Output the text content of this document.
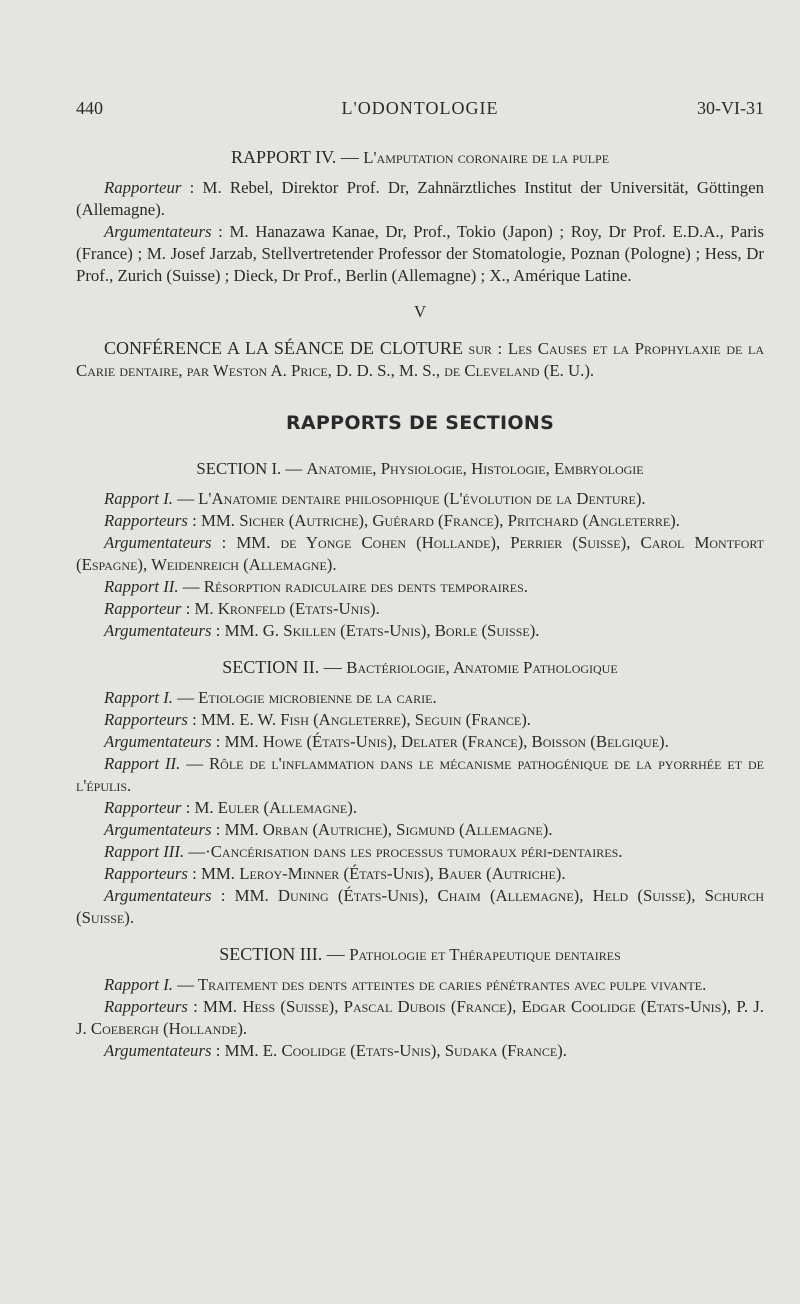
440	L'ODONTOLOGIE	30-VI-31

RAPPORT IV. — L'amputation coronaire de la pulpe

Rapporteur : M. Rebel, Direktor Prof. Dr, Zahnärztliches Institut der Universität, Göttingen (Allemagne).

Argumentateurs : M. Hanazawa Kanae, Dr, Prof., Tokio (Japon) ; Roy, Dr Prof. E.D.A., Paris (France) ; M. Josef Jarzab, Stellvertretender Professor der Stomatologie, Poznan (Pologne) ; Hess, Dr Prof., Zurich (Suisse) ; Dieck, Dr Prof., Berlin (Allemagne) ; X., Amérique Latine.

V

CONFÉRENCE A LA SÉANCE DE CLOTURE sur : Les Causes et la Prophylaxie de la Carie dentaire, par Weston A. Price, D. D. S., M. S., de Cleveland (E. U.).

RAPPORTS DE SECTIONS

SECTION I. — Anatomie, Physiologie, Histologie, Embryologie

Rapport I. — L'Anatomie dentaire philosophique (L'évolution de la Denture).

Rapporteurs : MM. Sicher (Autriche), Guérard (France), Pritchard (Angleterre).

Argumentateurs : MM. de Yonge Cohen (Hollande), Perrier (Suisse), Carol Montfort (Espagne), Weidenreich (Allemagne).

Rapport II. — Résorption radiculaire des dents temporaires.

Rapporteur : M. Kronfeld (Etats-Unis).

Argumentateurs : MM. G. Skillen (Etats-Unis), Borle (Suisse).

SECTION II. — Bactériologie, Anatomie Pathologique

Rapport I. — Etiologie microbienne de la carie.

Rapporteurs : MM. E. W. Fish (Angleterre), Seguin (France).

Argumentateurs : MM. Howe (États-Unis), Delater (France), Boisson (Belgique).

Rapport II. — Rôle de l'inflammation dans le mécanisme pathogénique de la pyorrhée et de l'épulis.

Rapporteur : M. Euler (Allemagne).

Argumentateurs : MM. Orban (Autriche), Sigmund (Allemagne).

Rapport III. —·Cancérisation dans les processus tumoraux péri-dentaires.

Rapporteurs : MM. Leroy-Minner (États-Unis), Bauer (Autriche).

Argumentateurs : MM. Duning (États-Unis), Chaim (Allemagne), Held (Suisse), Schurch (Suisse).

SECTION III. — Pathologie et Thérapeutique dentaires

Rapport I. — Traitement des dents atteintes de caries pénétrantes avec pulpe vivante.

Rapporteurs : MM. Hess (Suisse), Pascal Dubois (France), Edgar Coolidge (Etats-Unis), P. J. J. Coebergh (Hollande).

Argumentateurs : MM. E. Coolidge (Etats-Unis), Sudaka (France).
